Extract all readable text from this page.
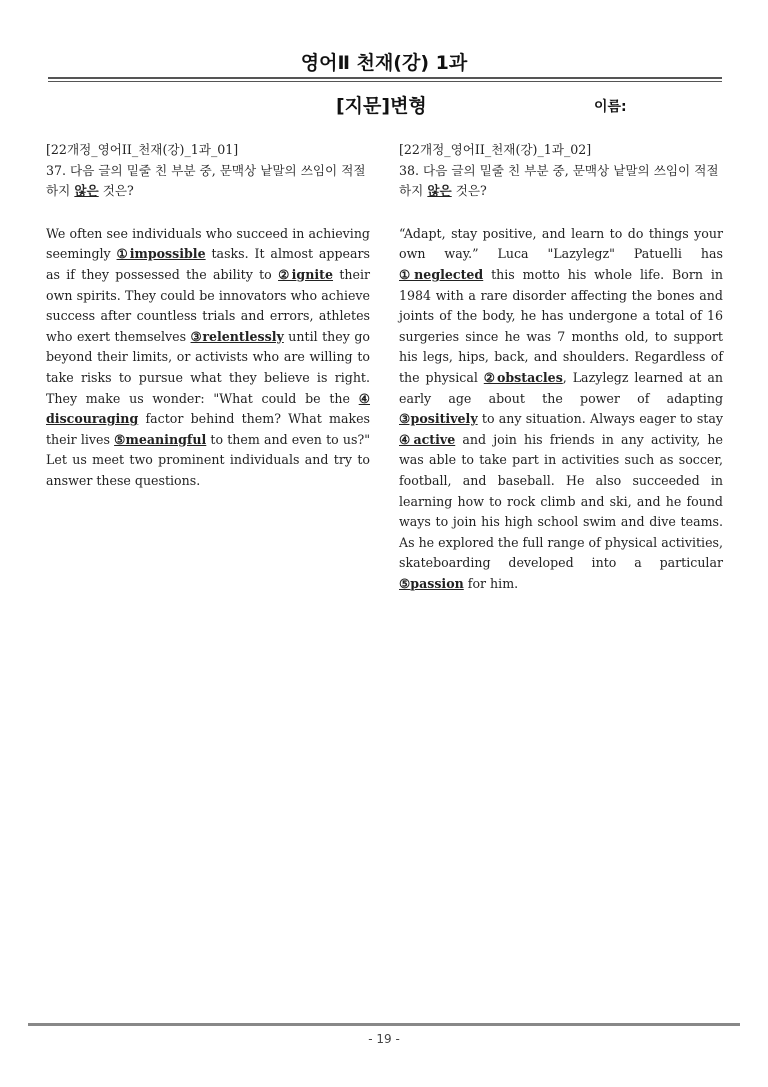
영어Ⅱ 천재(강) 1과
[지문]변형	이름:
[22개정_영어II_천재(강)_1과_01]
37. 다음 글의 밑줄 친 부분 중, 문맥상 낱말의 쓰임이 적절하지 않은 것은?
We often see individuals who succeed in achieving seemingly ①impossible tasks. It almost appears as if they possessed the ability to ②ignite their own spirits. They could be innovators who achieve success after countless trials and errors, athletes who exert themselves ③relentlessly until they go beyond their limits, or activists who are willing to take risks to pursue what they believe is right. They make us wonder: "What could be the ④ discouraging factor behind them? What makes their lives ⑤meaningful to them and even to us?" Let us meet two prominent individuals and try to answer these questions.
[22개정_영어II_천재(강)_1과_02]
38. 다음 글의 밑줄 친 부분 중, 문맥상 낱말의 쓰임이 적절하지 않은 것은?
“Adapt, stay positive, and learn to do things your own way.” Luca "Lazylegz" Patuelli has ①neglected this motto his whole life. Born in 1984 with a rare disorder affecting the bones and joints of the body, he has undergone a total of 16 surgeries since he was 7 months old, to support his legs, hips, back, and shoulders. Regardless of the physical ②obstacles, Lazylegz learned at an early age about the power of adapting ③positively to any situation. Always eager to stay ④active and join his friends in any activity, he was able to take part in activities such as soccer, football, and baseball. He also succeeded in learning how to rock climb and ski, and he found ways to join his high school swim and dive teams. As he explored the full range of physical activities, skateboarding developed into a particular ⑤passion for him.
- 19 -
